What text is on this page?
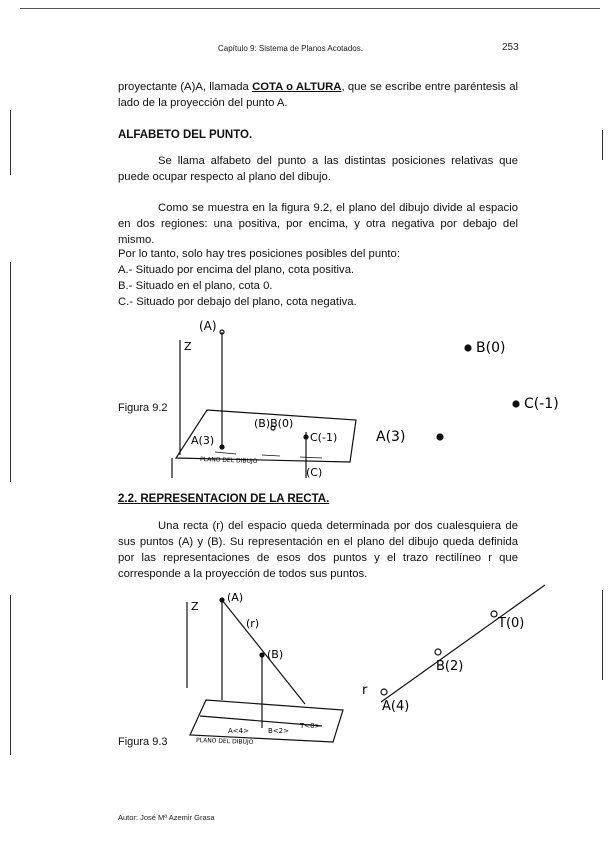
Capítulo 9: Sistema de Planos Acotados.	253
proyectante (A)A, llamada COTA o ALTURA, que se escribe entre paréntesis al lado de la proyección del punto A.
ALFABETO DEL PUNTO.
Se llama alfabeto del punto a las distintas posiciones relativas que puede ocupar respecto al plano del dibujo.
Como se muestra en la figura 9.2, el plano del dibujo divide al espacio en dos regiones: una positiva, por encima, y otra negativa por debajo del mismo.
Por lo tanto, solo hay tres posiciones posibles del punto:
A.- Situado por encima del plano, cota positiva.
B.- Situado en el plano, cota 0.
C.- Situado por debajo del plano, cota negativa.
Figura 9.2
Z
(A)
(B)B(0)
C(-1)
A(3)
(C)
PLANO DEL DIBUJO
B(0)
C(-1)
A(3)
2.2. REPRESENTACION DE LA RECTA.
Una recta (r) del espacio queda determinada por dos cualesquiera de sus puntos (A) y (B). Su representación en el plano del dibujo queda definida por las representaciones de esos dos puntos y el trazo rectilíneo r que corresponde a la proyección de todos sus puntos.
Figura 9.3
Z
(A)
(r)
(B)
B<2>
T<0>
A<4>
PLANO DEL DIBUJO
T(0)
B(2)
A(4)
r
Autor: José Mª Azemir Grasa
